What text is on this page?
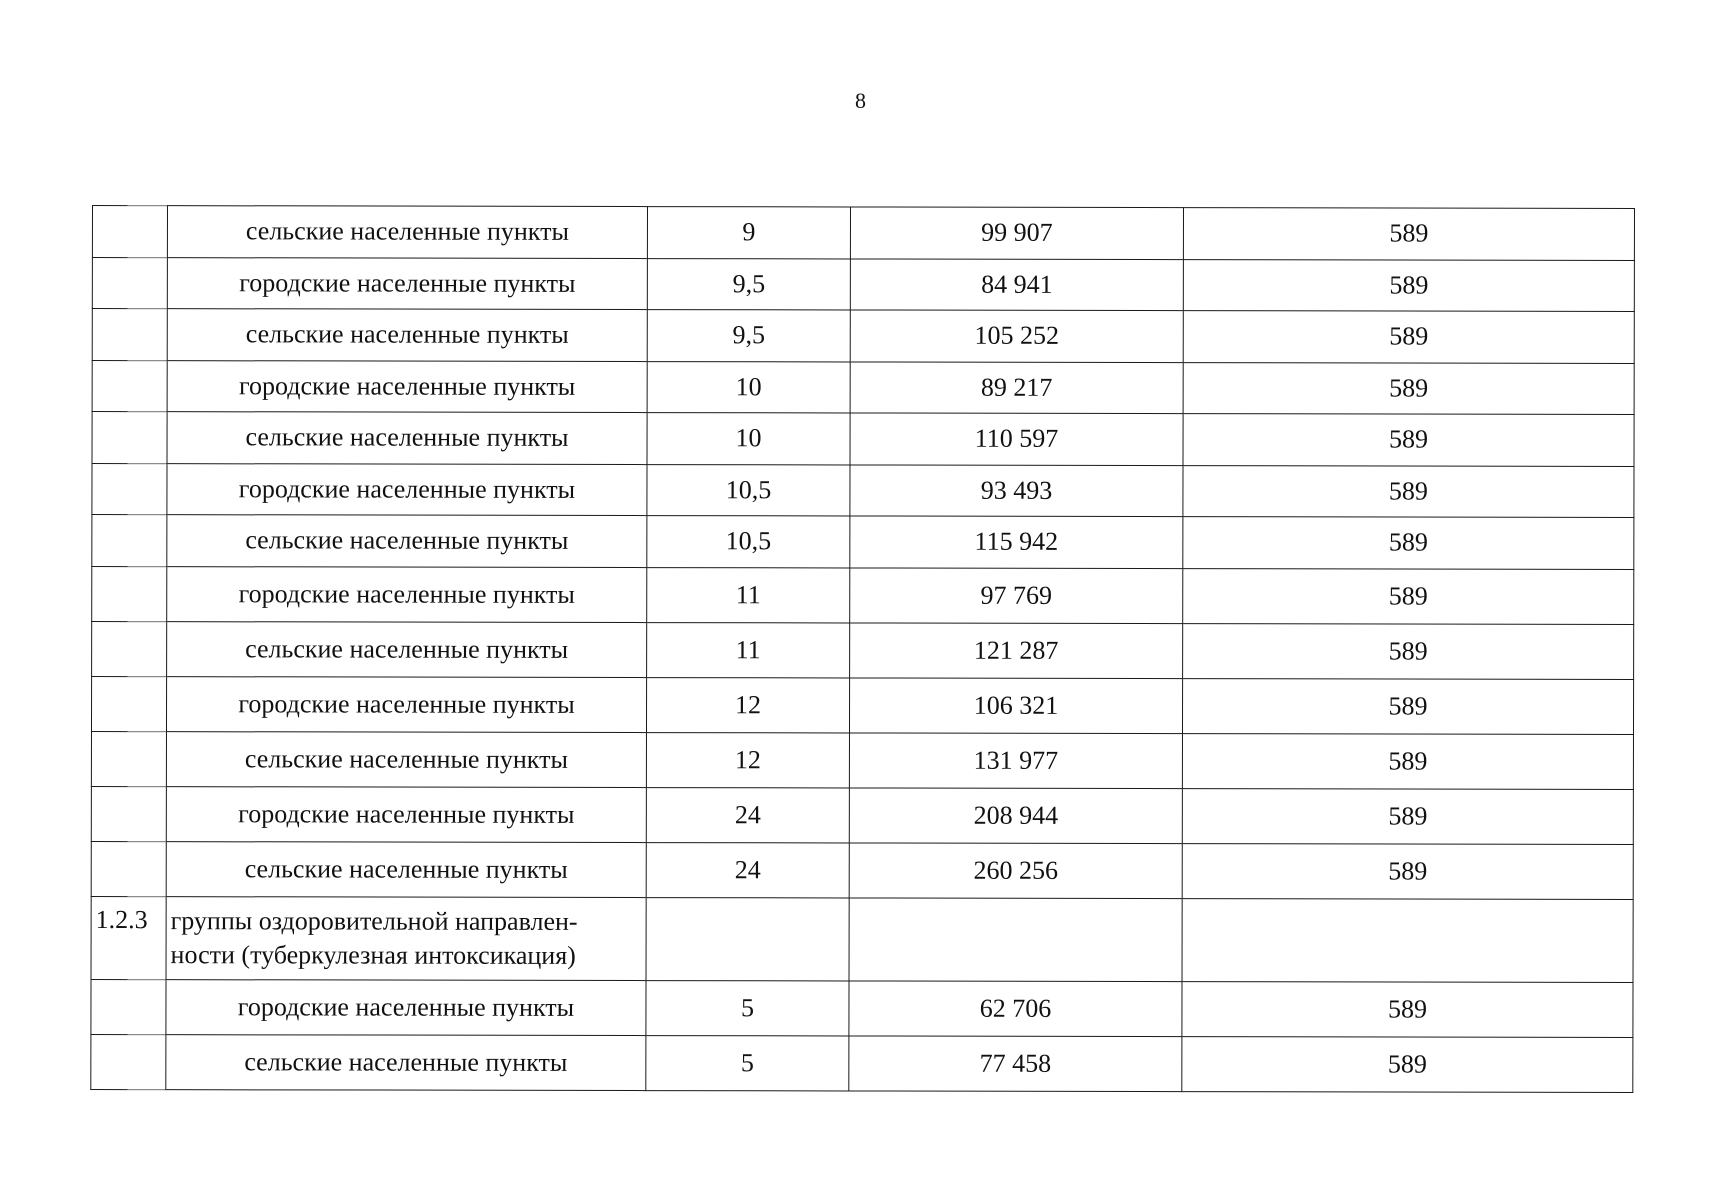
8
	сельские населенные пункты	9	99 907	589
	городские населенные пункты	9,5	84 941	589
	сельские населенные пункты	9,5	105 252	589
	городские населенные пункты	10	89 217	589
	сельские населенные пункты	10	110 597	589
	городские населенные пункты	10,5	93 493	589
	сельские населенные пункты	10,5	115 942	589
	городские населенные пункты	11	97 769	589
	сельские населенные пункты	11	121 287	589
	городские населенные пункты	12	106 321	589
	сельские населенные пункты	12	131 977	589
	городские населенные пункты	24	208 944	589
	сельские населенные пункты	24	260 256	589
1.2.3	группы оздоровительной направлен-
ности (туберкулезная интоксикация)			

	городские населенные пункты	5	62 706	589
	сельские населенные пункты	5	77 458	589
